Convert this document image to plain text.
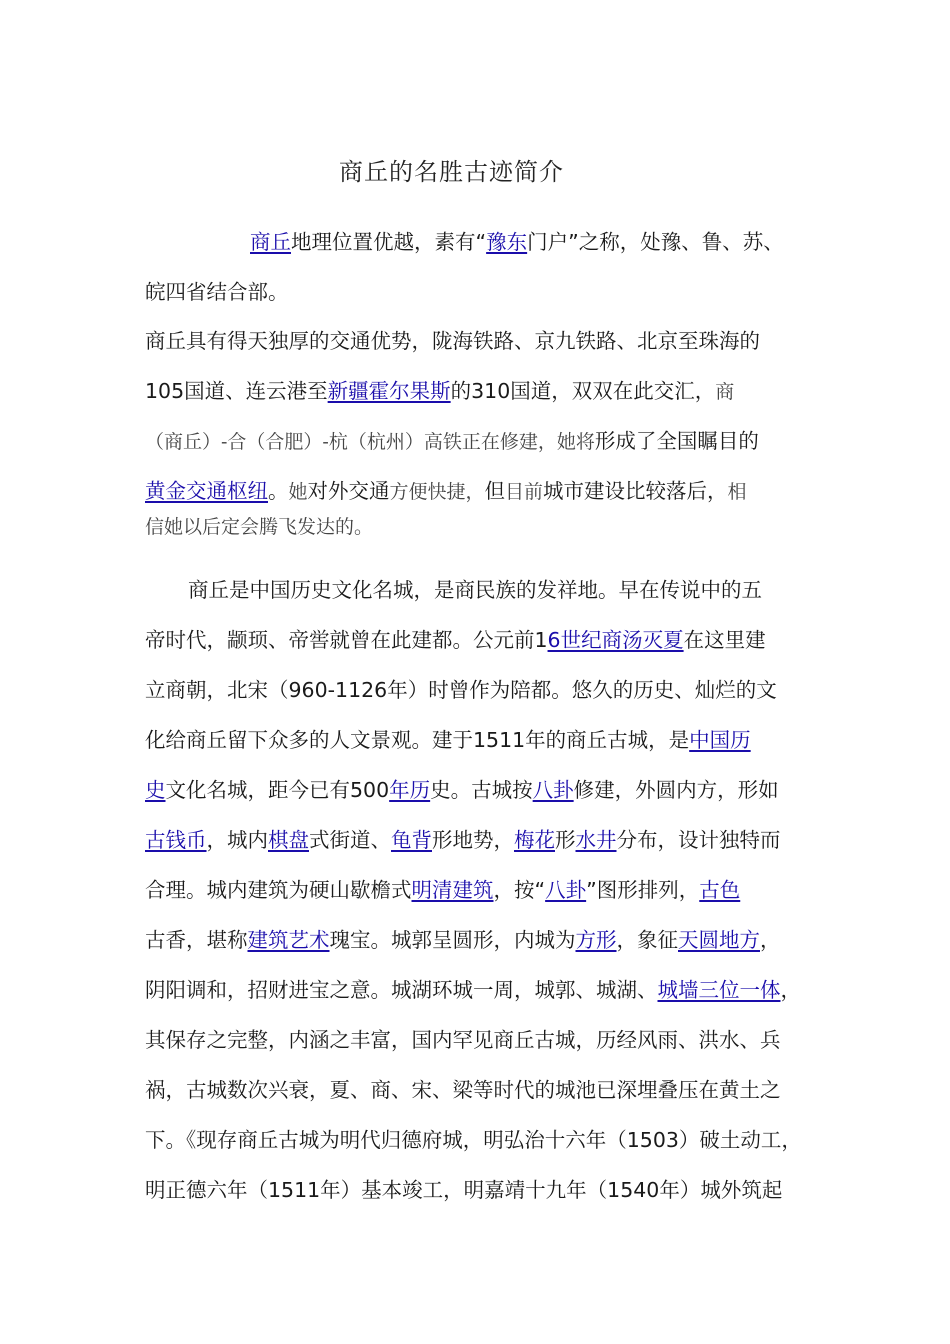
商丘的名胜古迹简介
商丘地理位置优越，素有“豫东门户”之称，处豫、鲁、苏、
皖四省结合部。
商丘具有得天独厚的交通优势，陇海铁路、京九铁路、北京至珠海的
105国道、连云港至新疆霍尔果斯的310国道，双双在此交汇，商
（商丘）-合（合肥）-杭（杭州）高铁正在修建，她将形成了全国瞩目的
黄金交通枢纽。她对外交通方便快捷，但目前城市建设比较落后，相
信她以后定会腾飞发达的。
商丘是中国历史文化名城，是商民族的发祥地。早在传说中的五
帝时代，颛顼、帝喾就曾在此建都。公元前16世纪商汤灭夏在这里建
立商朝，北宋（960-1126年）时曾作为陪都。悠久的历史、灿烂的文
化给商丘留下众多的人文景观。建于1511年的商丘古城，是中国历
史文化名城，距今已有500年历史。古城按八卦修建，外圆内方，形如
古钱币，城内棋盘式街道、龟背形地势，梅花形水井分布，设计独特而
合理。城内建筑为硬山歇檐式明清建筑，按“八卦”图形排列，古色
古香，堪称建筑艺术瑰宝。城郭呈圆形，内城为方形，象征天圆地方，
阴阳调和，招财进宝之意。城湖环城一周，城郭、城湖、城墙三位一体，
其保存之完整，内涵之丰富，国内罕见商丘古城，历经风雨、洪水、兵
祸，古城数次兴衰，夏、商、宋、梁等时代的城池已深埋叠压在黄土之
下。《现存商丘古城为明代归德府城，明弘治十六年（1503）破土动工，
明正德六年（1511年）基本竣工，明嘉靖十九年（1540年）城外筑起
